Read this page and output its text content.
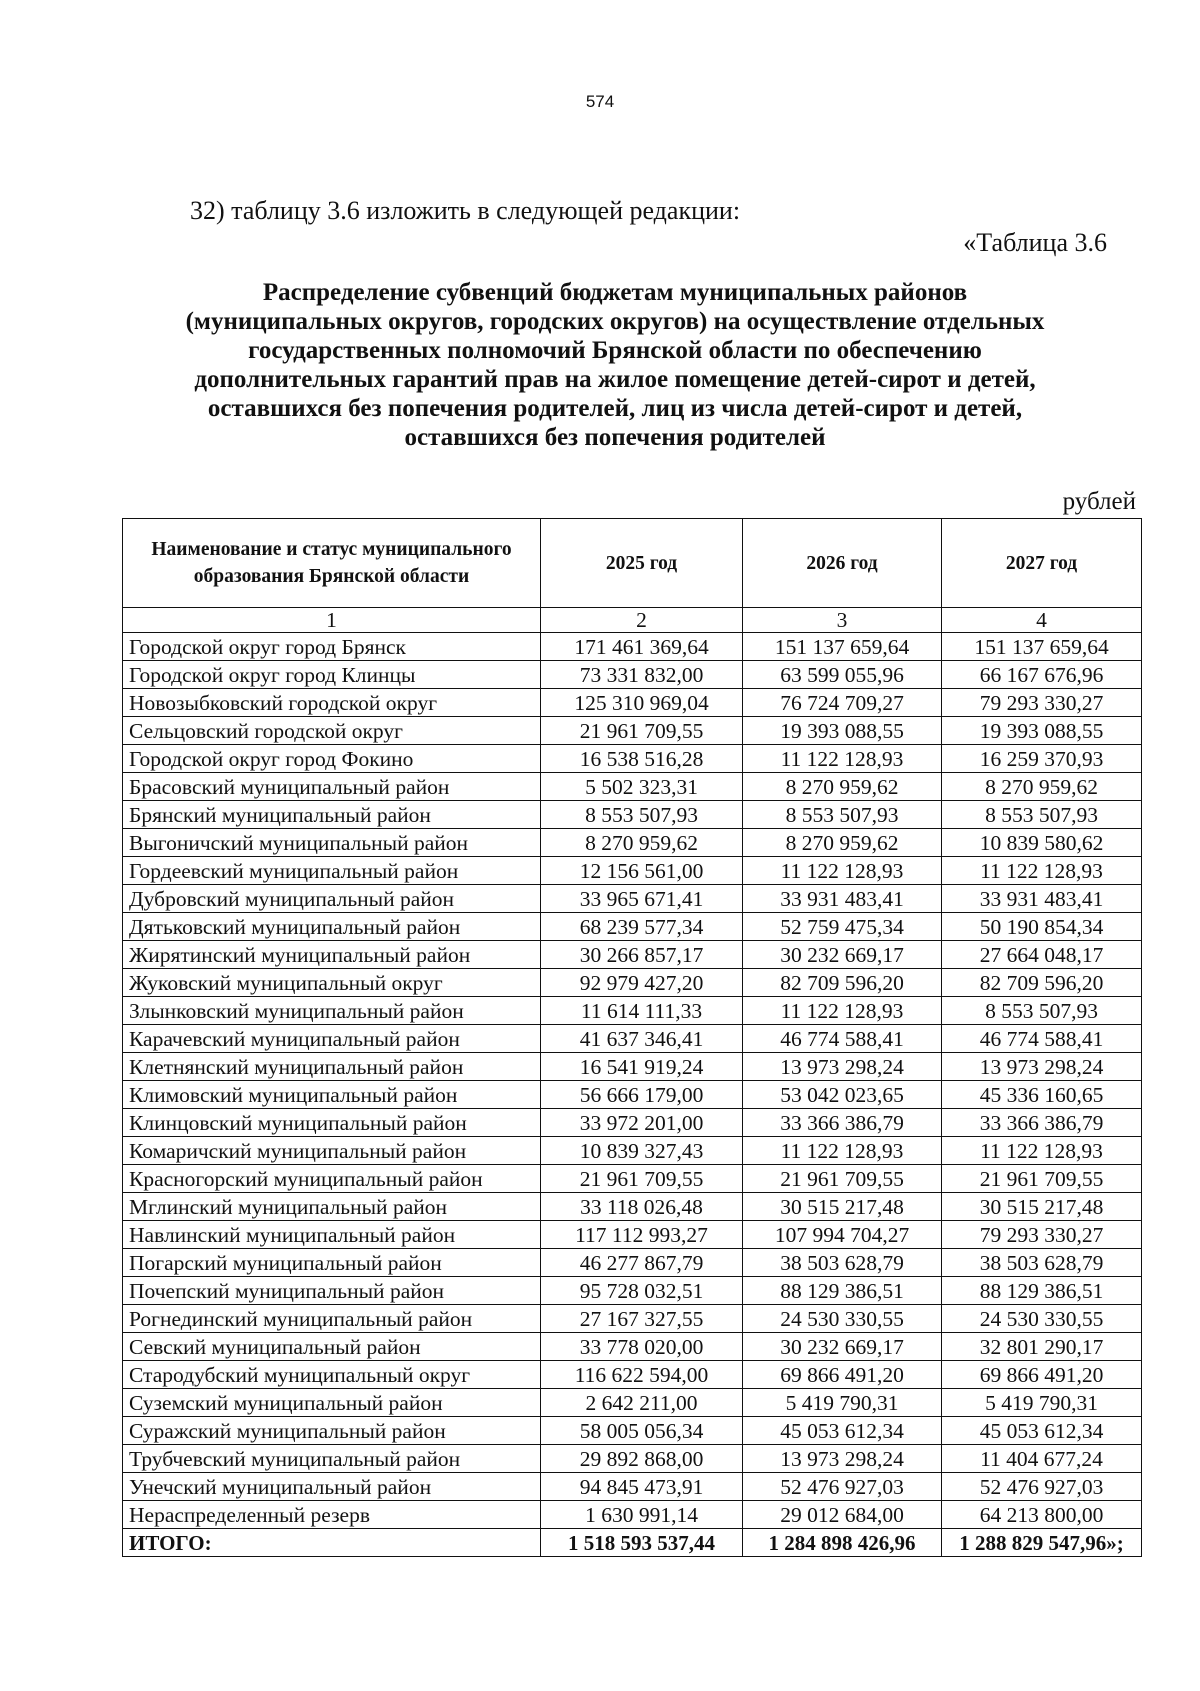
574
32) таблицу 3.6 изложить в следующей редакции:
«Таблица 3.6
Распределение субвенций бюджетам муниципальных районов
(муниципальных округов, городских округов) на осуществление отдельных
государственных полномочий Брянской области по обеспечению
дополнительных гарантий прав на жилое помещение детей-сирот и детей,
оставшихся без попечения родителей, лиц из числа детей-сирот и детей,
оставшихся без попечения родителей
рублей
Наименование и статус муниципального образования Брянской области	2025 год	2026 год	2027 год
1	2	3	4
Городской округ город Брянск	171 461 369,64	151 137 659,64	151 137 659,64
Городской округ город Клинцы	73 331 832,00	63 599 055,96	66 167 676,96
Новозыбковский городской округ	125 310 969,04	76 724 709,27	79 293 330,27
Сельцовский городской округ	21 961 709,55	19 393 088,55	19 393 088,55
Городской округ город Фокино	16 538 516,28	11 122 128,93	16 259 370,93
Брасовский муниципальный район	5 502 323,31	8 270 959,62	8 270 959,62
Брянский муниципальный район	8 553 507,93	8 553 507,93	8 553 507,93
Выгоничский муниципальный район	8 270 959,62	8 270 959,62	10 839 580,62
Гордеевский муниципальный район	12 156 561,00	11 122 128,93	11 122 128,93
Дубровский муниципальный район	33 965 671,41	33 931 483,41	33 931 483,41
Дятьковский муниципальный район	68 239 577,34	52 759 475,34	50 190 854,34
Жирятинский муниципальный район	30 266 857,17	30 232 669,17	27 664 048,17
Жуковский муниципальный округ	92 979 427,20	82 709 596,20	82 709 596,20
Злынковский муниципальный район	11 614 111,33	11 122 128,93	8 553 507,93
Карачевский муниципальный район	41 637 346,41	46 774 588,41	46 774 588,41
Клетнянский муниципальный район	16 541 919,24	13 973 298,24	13 973 298,24
Климовский муниципальный район	56 666 179,00	53 042 023,65	45 336 160,65
Клинцовский муниципальный район	33 972 201,00	33 366 386,79	33 366 386,79
Комаричский муниципальный район	10 839 327,43	11 122 128,93	11 122 128,93
Красногорский муниципальный район	21 961 709,55	21 961 709,55	21 961 709,55
Мглинский муниципальный район	33 118 026,48	30 515 217,48	30 515 217,48
Навлинский муниципальный район	117 112 993,27	107 994 704,27	79 293 330,27
Погарский муниципальный район	46 277 867,79	38 503 628,79	38 503 628,79
Почепский муниципальный район	95 728 032,51	88 129 386,51	88 129 386,51
Рогнединский муниципальный район	27 167 327,55	24 530 330,55	24 530 330,55
Севский муниципальный район	33 778 020,00	30 232 669,17	32 801 290,17
Стародубский муниципальный округ	116 622 594,00	69 866 491,20	69 866 491,20
Суземский муниципальный район	2 642 211,00	5 419 790,31	5 419 790,31
Суражский муниципальный район	58 005 056,34	45 053 612,34	45 053 612,34
Трубчевский муниципальный район	29 892 868,00	13 973 298,24	11 404 677,24
Унечский муниципальный район	94 845 473,91	52 476 927,03	52 476 927,03
Нераспределенный резерв	1 630 991,14	29 012 684,00	64 213 800,00
ИТОГО:	1 518 593 537,44	1 284 898 426,96	1 288 829 547,96»;
